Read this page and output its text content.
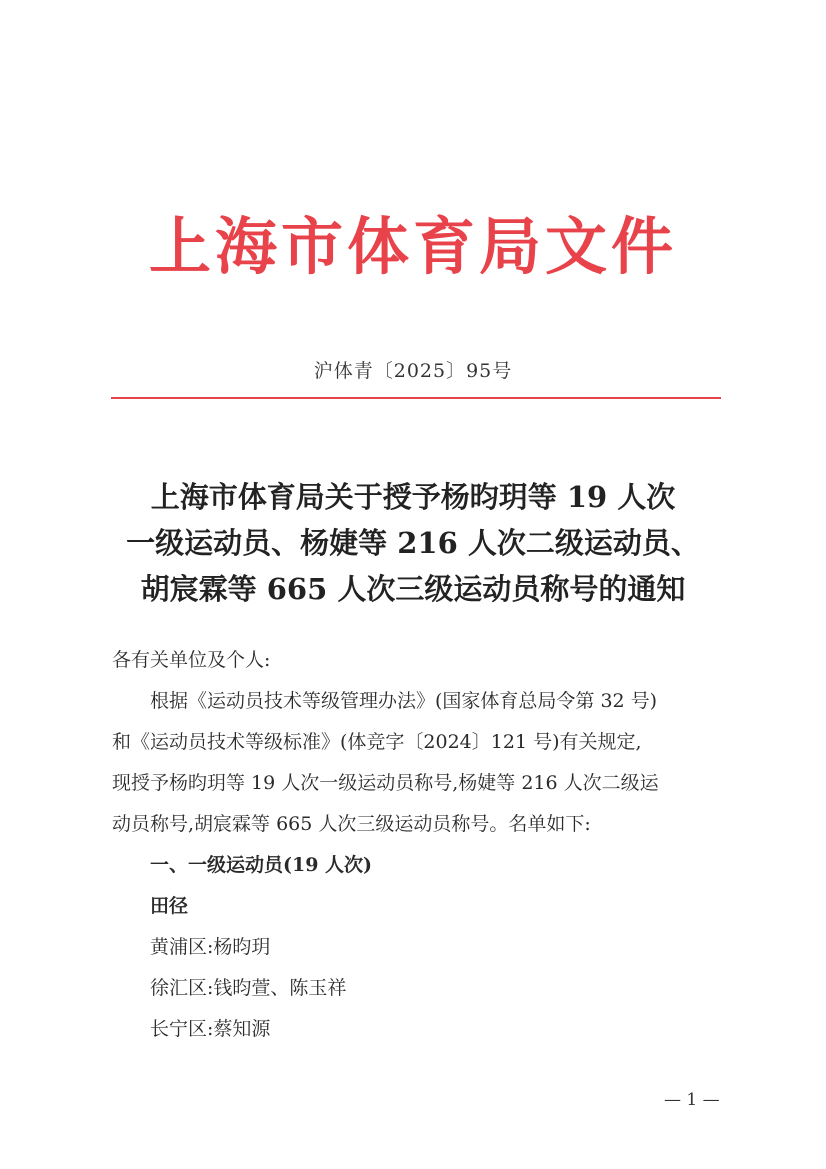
上海市体育局文件
沪体青〔2025〕95号
上海市体育局关于授予杨昀玥等 19 人次
一级运动员、杨婕等 216 人次二级运动员、
胡宸霖等 665 人次三级运动员称号的通知
各有关单位及个人:
根据《运动员技术等级管理办法》(国家体育总局令第 32 号)
和《运动员技术等级标准》(体竞字〔2024〕121 号)有关规定,
现授予杨昀玥等 19 人次一级运动员称号,杨婕等 216 人次二级运
动员称号,胡宸霖等 665 人次三级运动员称号。名单如下:
一、一级运动员(19 人次)
田径
黄浦区:杨昀玥
徐汇区:钱昀萱、陈玉祥
长宁区:蔡知源
— 1 —
